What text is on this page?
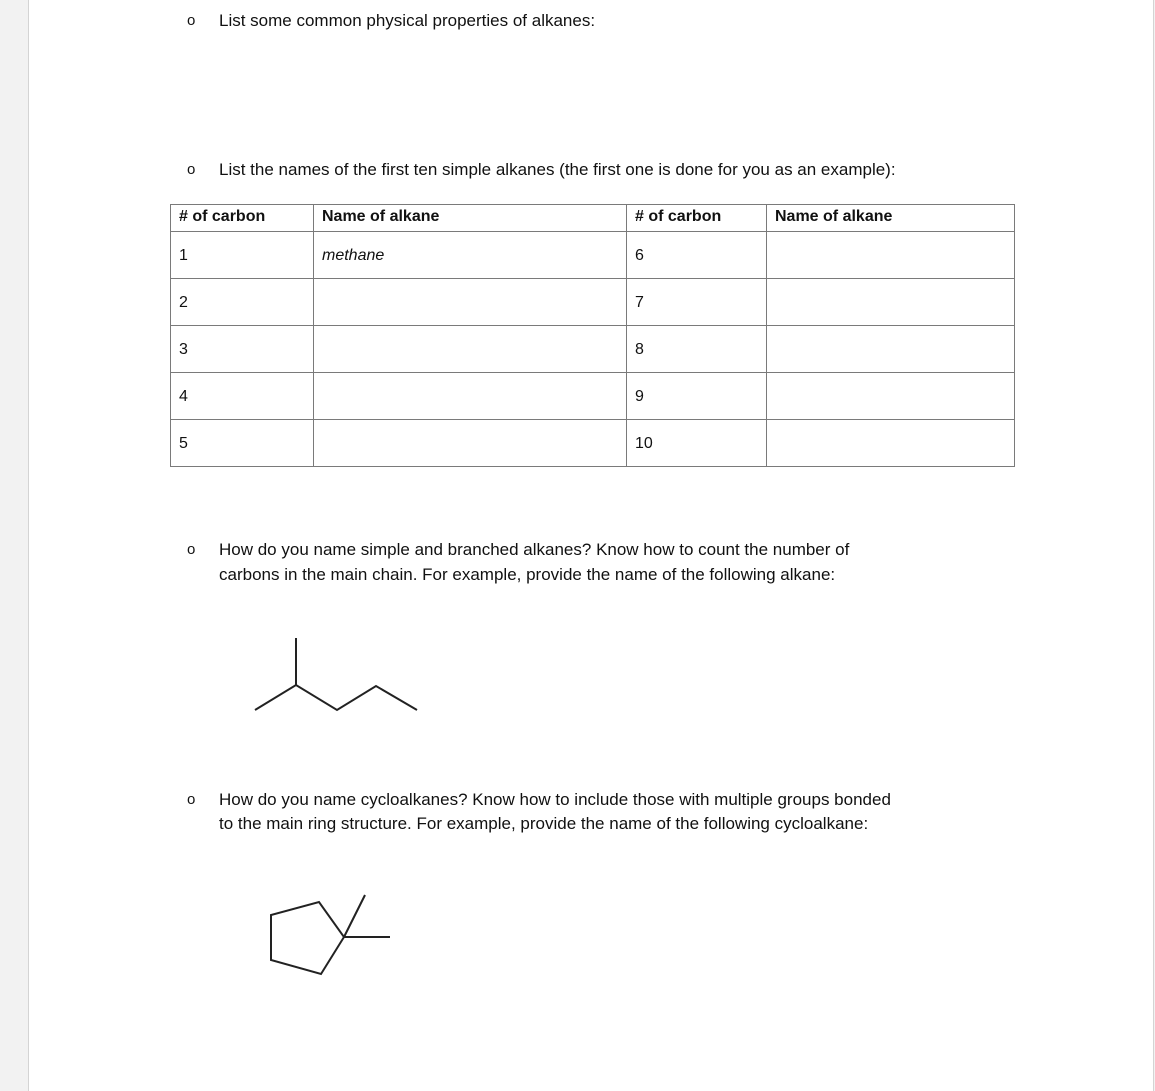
o List some common physical properties of alkanes:
o List the names of the first ten simple alkanes (the first one is done for you as an example):
# of carbon	Name of alkane	# of carbon	Name of alkane
1	methane	6	
2		7	
3		8	
4		9	
5		10	
o How do you name simple and branched alkanes? Know how to count the number of
carbons in the main chain. For example, provide the name of the following alkane:
o How do you name cycloalkanes? Know how to include those with multiple groups bonded
to the main ring structure. For example, provide the name of the following cycloalkane:
